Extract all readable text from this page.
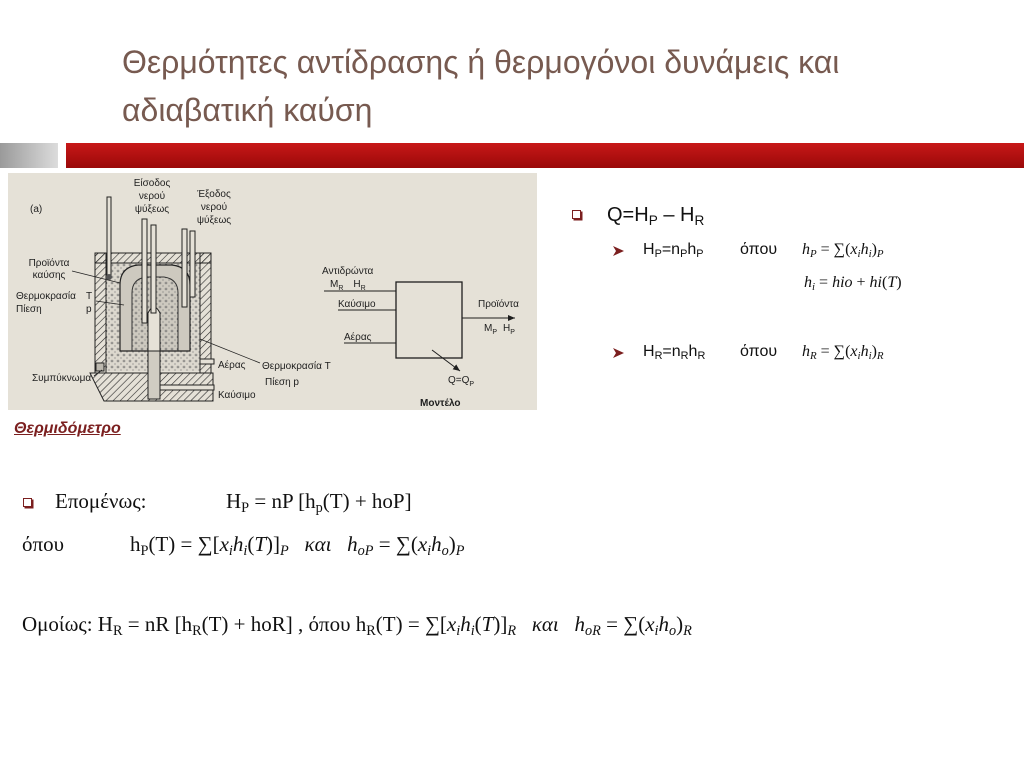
Θερμότητες αντίδρασης ή θερμογόνοι δυνάμεις και
αδιαβατική καύση
(a)
Είσοδος
νερού
ψύξεως
Έξοδος
νερού
ψύξεως
Προϊόντα
καύσης
Θερμοκρασία T
Πίεση	p
Συμπύκνωμα
Αέρας Θερμοκρασία T
Πίεση p
Καύσιμο
Αντιδρώντα
$M_R$ $H_R$
Καύσιμο
Αέρας
Προϊόντα
$M_P$ $H_P$
$Q=Q_P$
Μοντέλο
Θερμιδόμετρο
Q=HP – HR
HP=nPhP όπου hP = ∑(xihi)P
hi = hio + hi(T)
HR=nRhR όπου hR = ∑(xihi)R
Επομένως:	HP = nP [hp(T) + hoP]
όπου	hP(T) = ∑[xihi(T)]P   και   hoP = ∑(xiho)P
Ομοίως: HR = nR [hR(T) + hoR] , όπου hR(T) = ∑[xihi(T)]R   και   hoR = ∑(xiho)R
